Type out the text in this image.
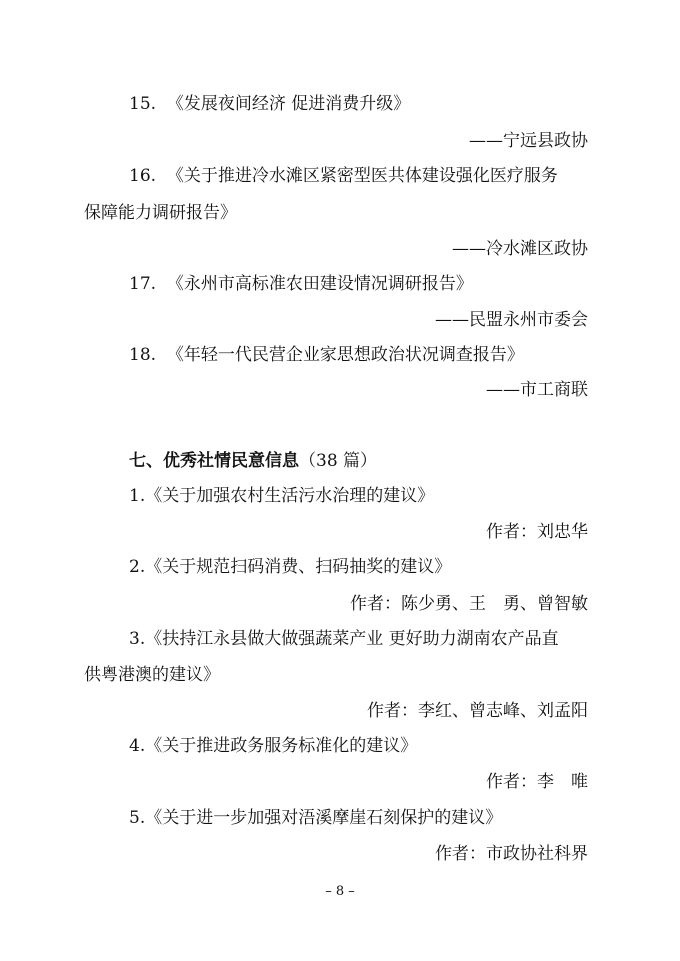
15. 《发展夜间经济 促进消费升级》
——宁远县政协
16. 《关于推进冷水滩区紧密型医共体建设强化医疗服务
保障能力调研报告》
——冷水滩区政协
17. 《永州市高标准农田建设情况调研报告》
——民盟永州市委会
18. 《年轻一代民营企业家思想政治状况调查报告》
——市工商联
七、优秀社情民意信息（38 篇）
1.《关于加强农村生活污水治理的建议》
作者：刘忠华
2.《关于规范扫码消费、扫码抽奖的建议》
作者：陈少勇、王　勇、曾智敏
3.《扶持江永县做大做强蔬菜产业 更好助力湖南农产品直
供粤港澳的建议》
作者：李红、曾志峰、刘孟阳
4.《关于推进政务服务标准化的建议》
作者：李　唯
5.《关于进一步加强对浯溪摩崖石刻保护的建议》
作者：市政协社科界
– 8 –
